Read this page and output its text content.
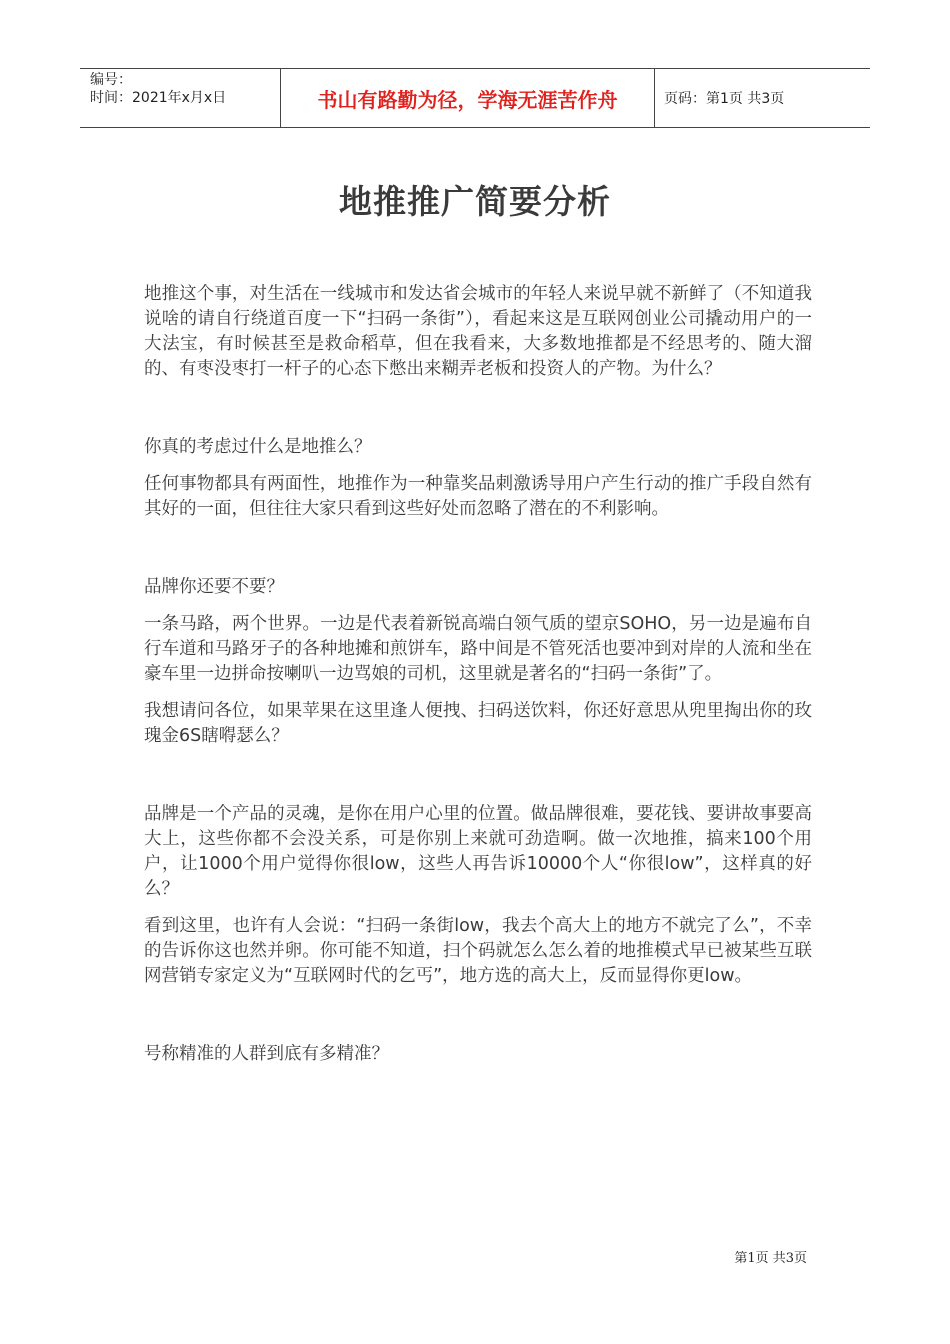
编号：
时间：2021年x月x日	书山有路勤为径，学海无涯苦作舟	页码：第1页 共3页
地推推广简要分析

地推这个事，对生活在一线城市和发达省会城市的年轻人来说早就不新鲜了（不知道我说啥的请自行绕道百度一下“扫码一条街”），看起来这是互联网创业公司撬动用户的一大法宝，有时候甚至是救命稻草，但在我看来，大多数地推都是不经思考的、随大溜的、有枣没枣打一杆子的心态下憋出来糊弄老板和投资人的产物。为什么？

你真的考虑过什么是地推么？

任何事物都具有两面性，地推作为一种靠奖品刺激诱导用户产生行动的推广手段自然有其好的一面，但往往大家只看到这些好处而忽略了潜在的不利影响。

品牌你还要不要？

一条马路，两个世界。一边是代表着新锐高端白领气质的望京SOHO，另一边是遍布自行车道和马路牙子的各种地摊和煎饼车，路中间是不管死活也要冲到对岸的人流和坐在豪车里一边拼命按喇叭一边骂娘的司机，这里就是著名的“扫码一条街”了。

我想请问各位，如果苹果在这里逢人便拽、扫码送饮料，你还好意思从兜里掏出你的玫瑰金6S瞎嘚瑟么？

品牌是一个产品的灵魂，是你在用户心里的位置。做品牌很难，要花钱、要讲故事要高大上，这些你都不会没关系，可是你别上来就可劲造啊。做一次地推，搞来100个用户，让1000个用户觉得你很low，这些人再告诉10000个人“你很low”，这样真的好么？

看到这里，也许有人会说：“扫码一条街low，我去个高大上的地方不就完了么”，不幸的告诉你这也然并卵。你可能不知道，扫个码就怎么怎么着的地推模式早已被某些互联网营销专家定义为“互联网时代的乞丐”，地方选的高大上，反而显得你更low。

号称精准的人群到底有多精准？

第1页 共3页
